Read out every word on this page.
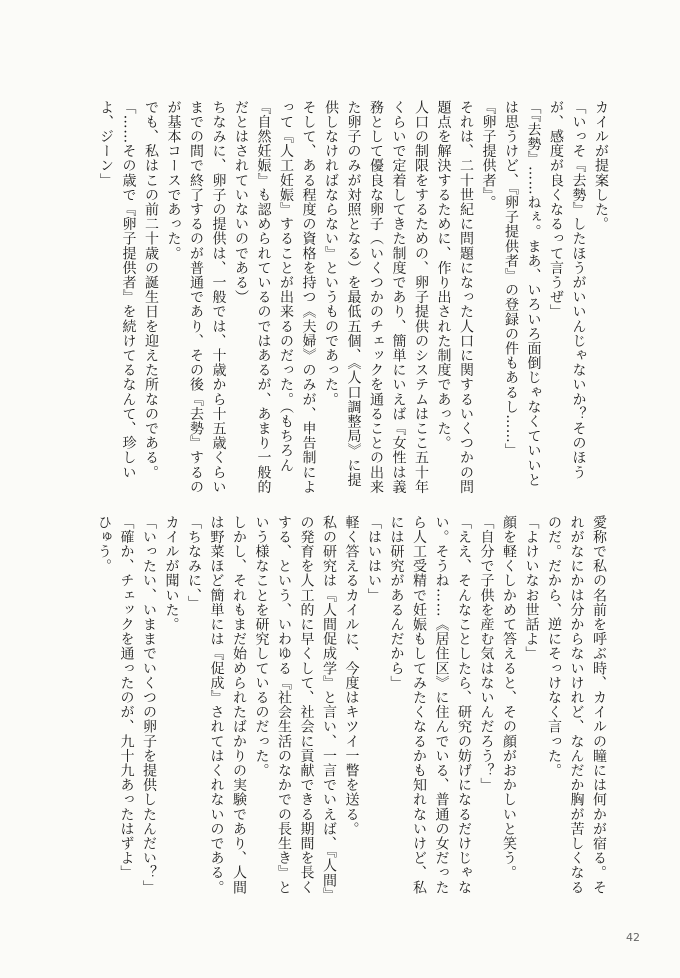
カイルが提案した。

「いっそ『去勢』したほうがいいんじゃないか？そのほうが、感度が良くなるって言うぜ」

「『去勢』……ねぇ。まあ、いろいろ面倒じゃなくていいとは思うけど、『卵子提供者』の登録の件もあるし……」

『卵子提供者』。

それは、二十世紀に問題になった人口に関するいくつかの問題点を解決するために、作り出された制度であった。

人口の制限をするための、卵子提供のシステムはここ五十年くらいで定着してきた制度であり、簡単にいえば『女性は義務として優良な卵子（いくつかのチェックを通ることの出来た卵子のみが対照となる）を最低五個、《人口調整局》に提供しなければならない』というものであった。

そして、ある程度の資格を持つ《夫婦》のみが、申告制によって『人工妊娠』することが出来るのだった。（もちろん『自然妊娠』も認められているのではあるが、あまり一般的だとはされていないのである）

ちなみに、卵子の提供は、一般では、十歳から十五歳くらいまでの間で終了するのが普通であり、その後『去勢』するのが基本コースであった。

でも、私はこの前二十歳の誕生日を迎えた所なのである。

「……その歳で『卵子提供者』を続けてるなんて、珍しいよ、ジーン」

愛称で私の名前を呼ぶ時、カイルの瞳には何かが宿る。それがなにかは分からないけれど、なんだか胸が苦しくなるのだ。だから、逆にそっけなく言った。

「よけいなお世話よ」

顔を軽くしかめて答えると、その顔がおかしいと笑う。

「自分で子供を産む気はないんだろう？」

「ええ、そんなことしたら、研究の妨げになるだけじゃない。そうね……《居住区》に住んでいる、普通の女だったら人工受精で妊娠もしてみたくなるかも知れないけど、私には研究があるんだから」

「はいはい」

軽く答えるカイルに、今度はキツイ一瞥を送る。

私の研究は『人間促成学』と言い、一言でいえば、『人間』の発育を人工的に早くして、社会に貢献できる期間を長くする、という、いわゆる『社会生活のなかでの長生き』という様なことを研究しているのだった。

しかし、それもまだ始められたばかりの実験であり、人間は野菜ほど簡単には『促成』されてはくれないのである。

「ちなみに、」

カイルが聞いた。

「いったい、いままでいくつの卵子を提供したんだい？」

「確か、チェックを通ったのが、九十九あったはずよ」

ひゅう。

42
